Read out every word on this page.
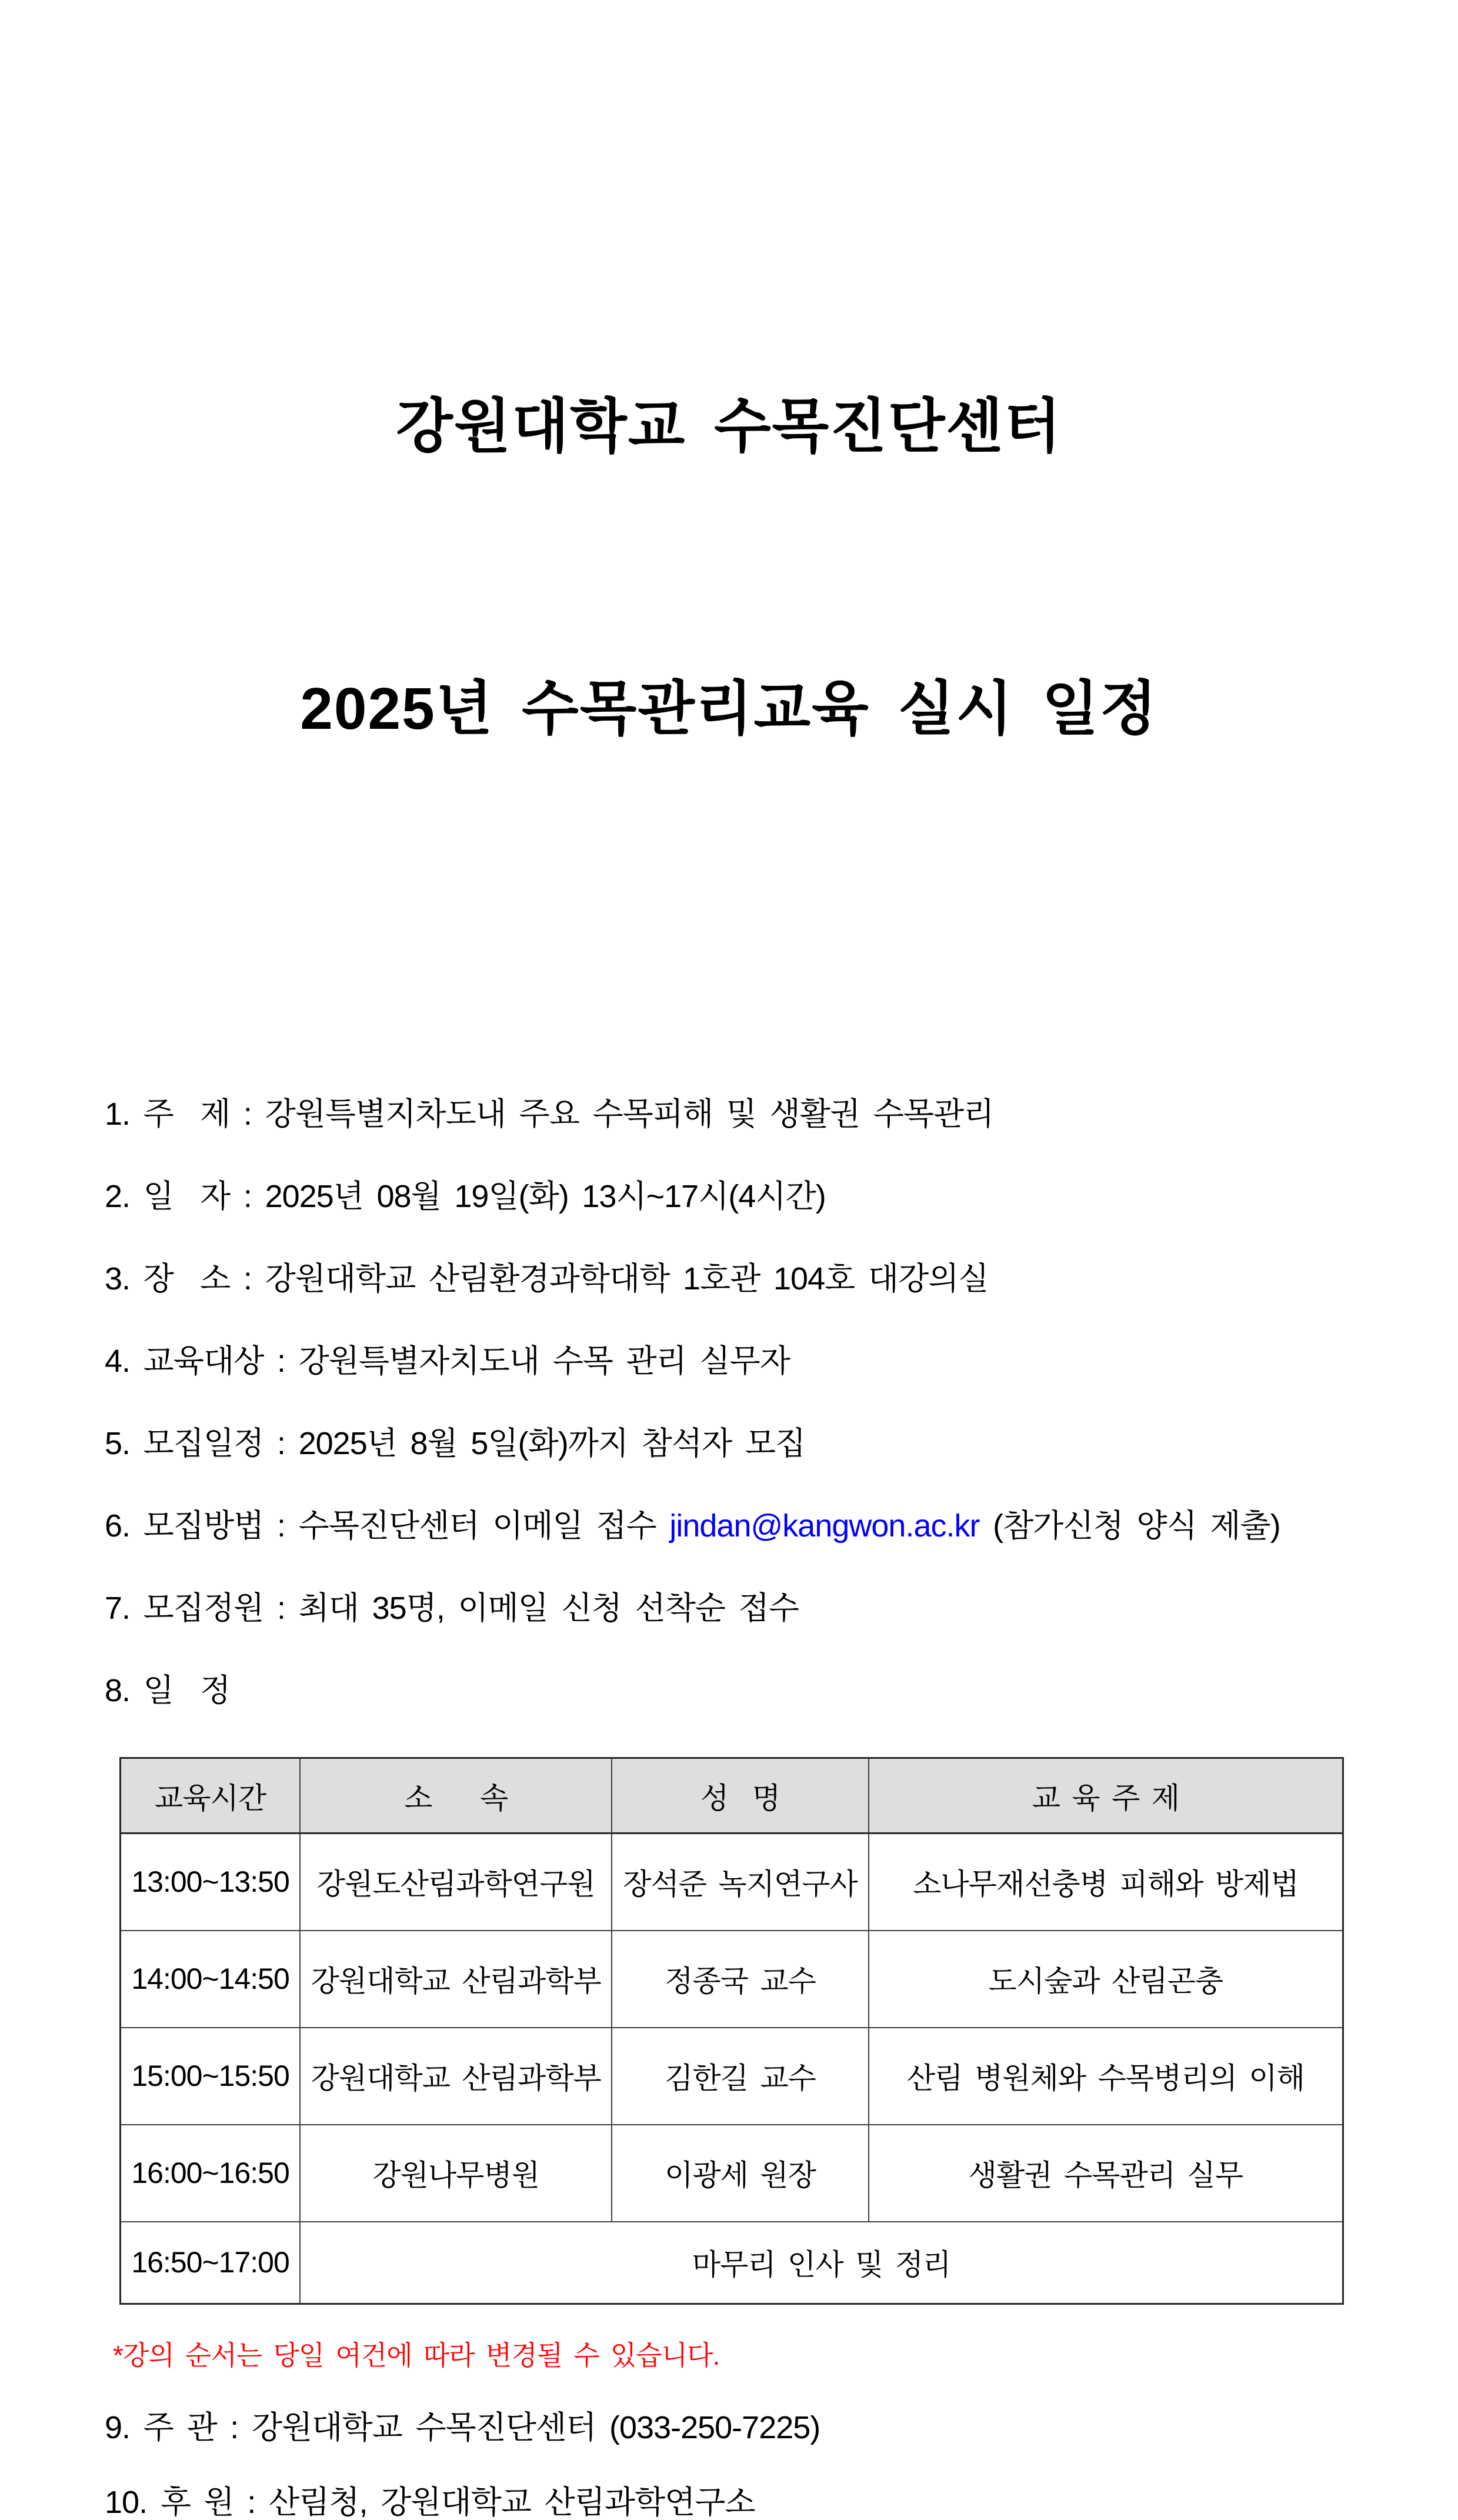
강원대학교 수목진단센터

2025년 수목관리교육 실시 일정

1. 주  제 : 강원특별지차도내 주요 수목피해 및 생활권 수목관리
2. 일  자 : 2025년 08월 19일(화) 13시~17시(4시간)
3. 장  소 : 강원대학교 산림환경과학대학 1호관 104호 대강의실
4. 교육대상 : 강원특별자치도내 수목 관리 실무자
5. 모집일정 : 2025년 8월 5일(화)까지 참석자 모집
6. 모집방법 : 수목진단센터 이메일 접수 jindan@kangwon.ac.kr (참가신청 양식 제출)
7. 모집정원 : 최대 35명, 이메일 신청 선착순 접수
8. 일  정
교육시간	소    속	성  명	교 육 주 제
13:00~13:50	강원도산림과학연구원	장석준 녹지연구사	소나무재선충병 피해와 방제법
14:00~14:50	강원대학교 산림과학부	정종국 교수	도시숲과 산림곤충
15:00~15:50	강원대학교 산림과학부	김한길 교수	산림 병원체와 수목병리의 이해
16:00~16:50	강원나무병원	이광세 원장	생활권 수목관리 실무
16:50~17:00	마무리 인사 및 정리		
*강의 순서는 당일 여건에 따라 변경될 수 있습니다.
9. 주 관 : 강원대학교 수목진단센터 (033-250-7225)
10. 후 원 : 산림청, 강원대학교 산림과학연구소
